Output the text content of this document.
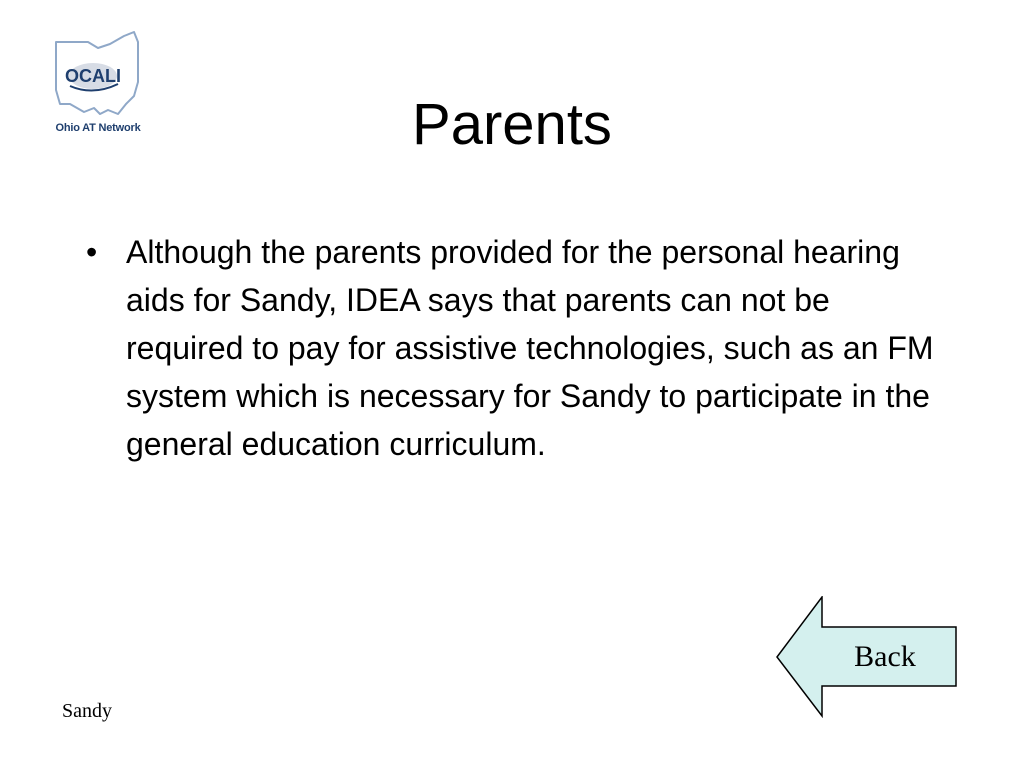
OCALI
Ohio AT Network	Parents
• Although the parents provided for the personal hearing aids for Sandy, IDEA says that parents can not be required to pay for assistive technologies, such as an FM system which is necessary for Sandy to participate in the general education curriculum.
Back
Sandy
